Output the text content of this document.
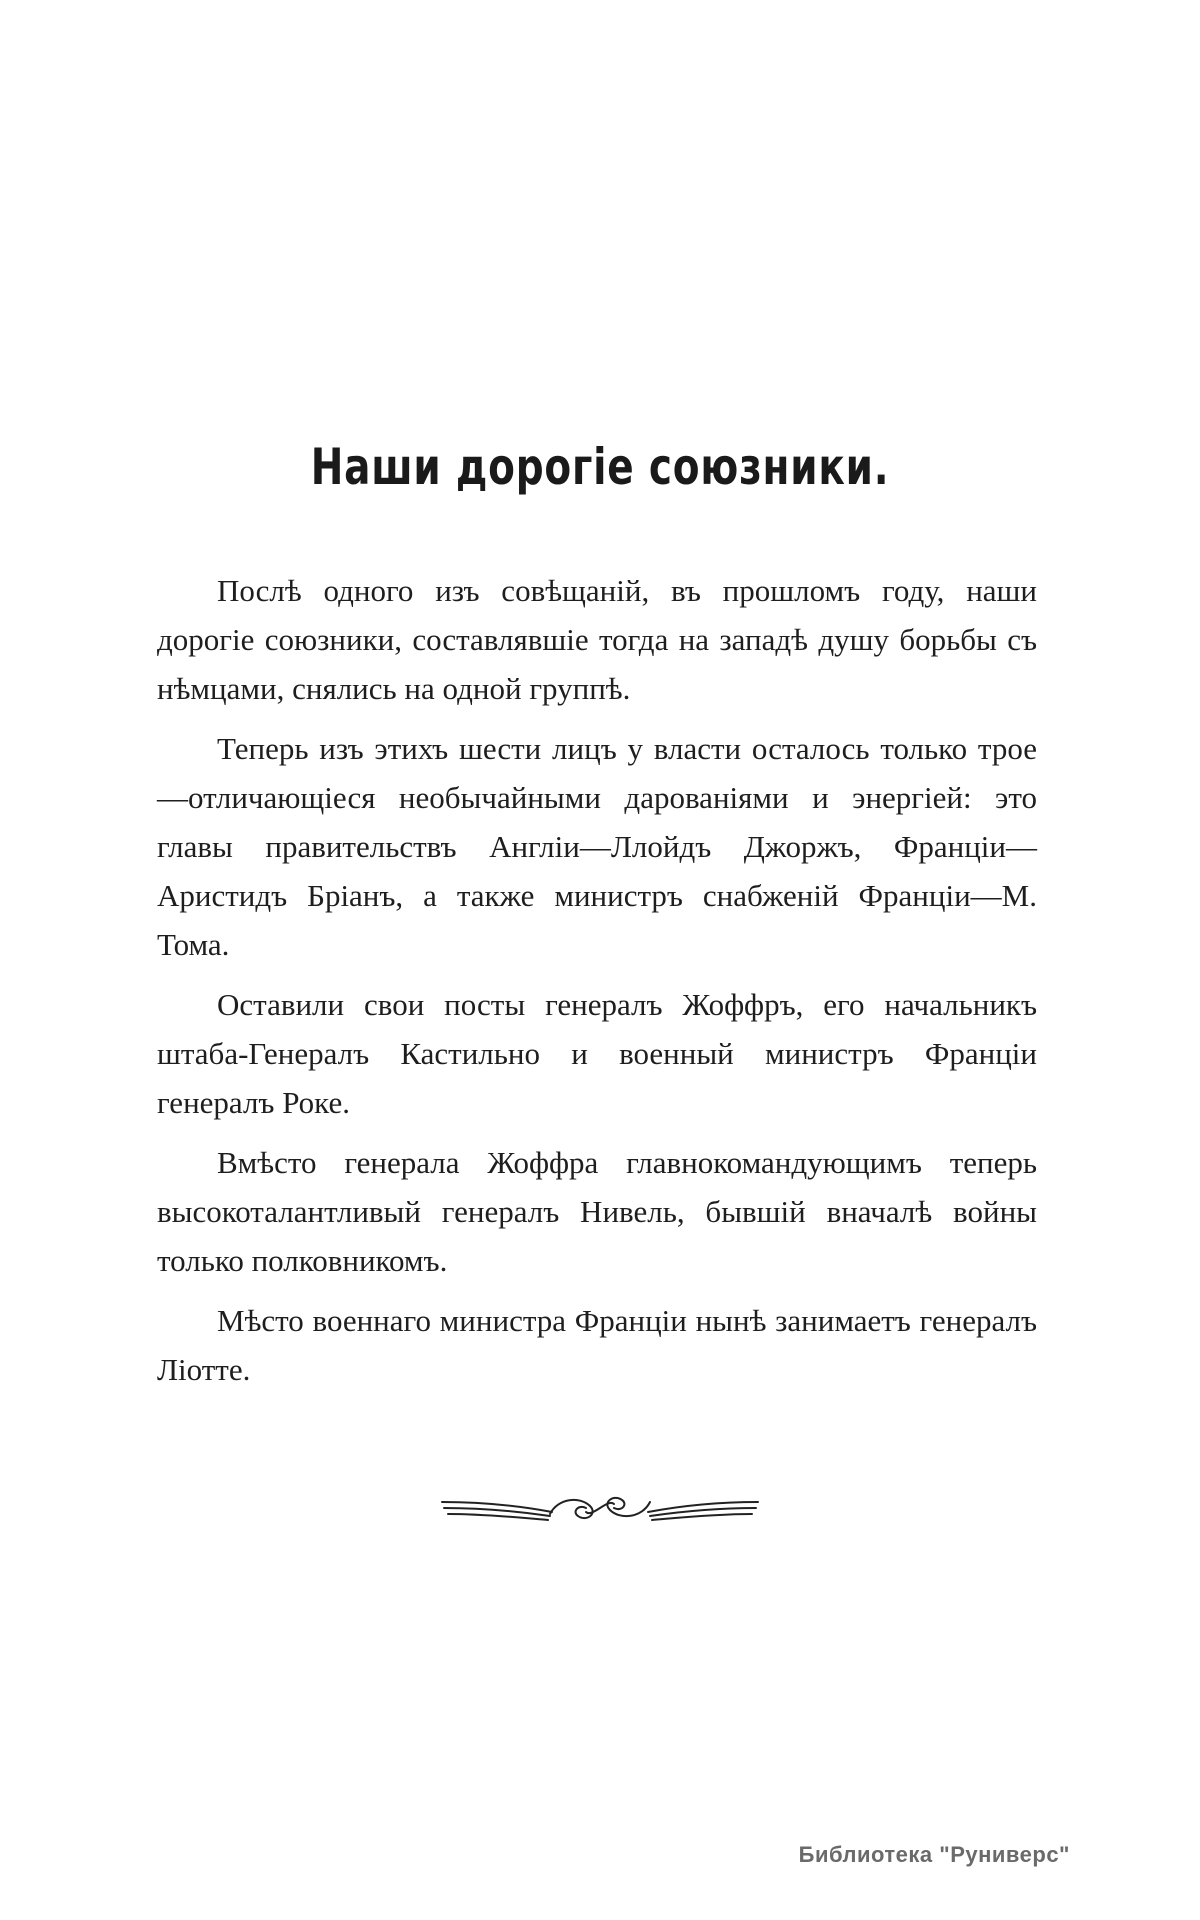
Наши дорогіе союзники.

Послѣ одного изъ совѣщаній, въ прошломъ году, наши дорогіе союзники, составлявшіе тогда на западѣ душу борьбы съ нѣмцами, снялись на одной группѣ.

Теперь изъ этихъ шести лицъ у власти осталось только трое—отличающіеся необычайными дарованіями и энергіей: это главы правительствъ Англіи—Ллойдъ Джоржъ, Франціи—Аристидъ Бріанъ, а также министръ снабженій Франціи—М. Тома.

Оставили свои посты генералъ Жоффръ, его начальникъ штаба-Генералъ Кастильно и военный министръ Франціи генералъ Роке.

Вмѣсто генерала Жоффра главнокомандующимъ теперь высокоталантливый генералъ Нивель, бывшій вначалѣ войны только полковникомъ.

Мѣсто военнаго министра Франціи нынѣ занимаетъ генералъ Ліотте.

Библиотека "Руниверс"
